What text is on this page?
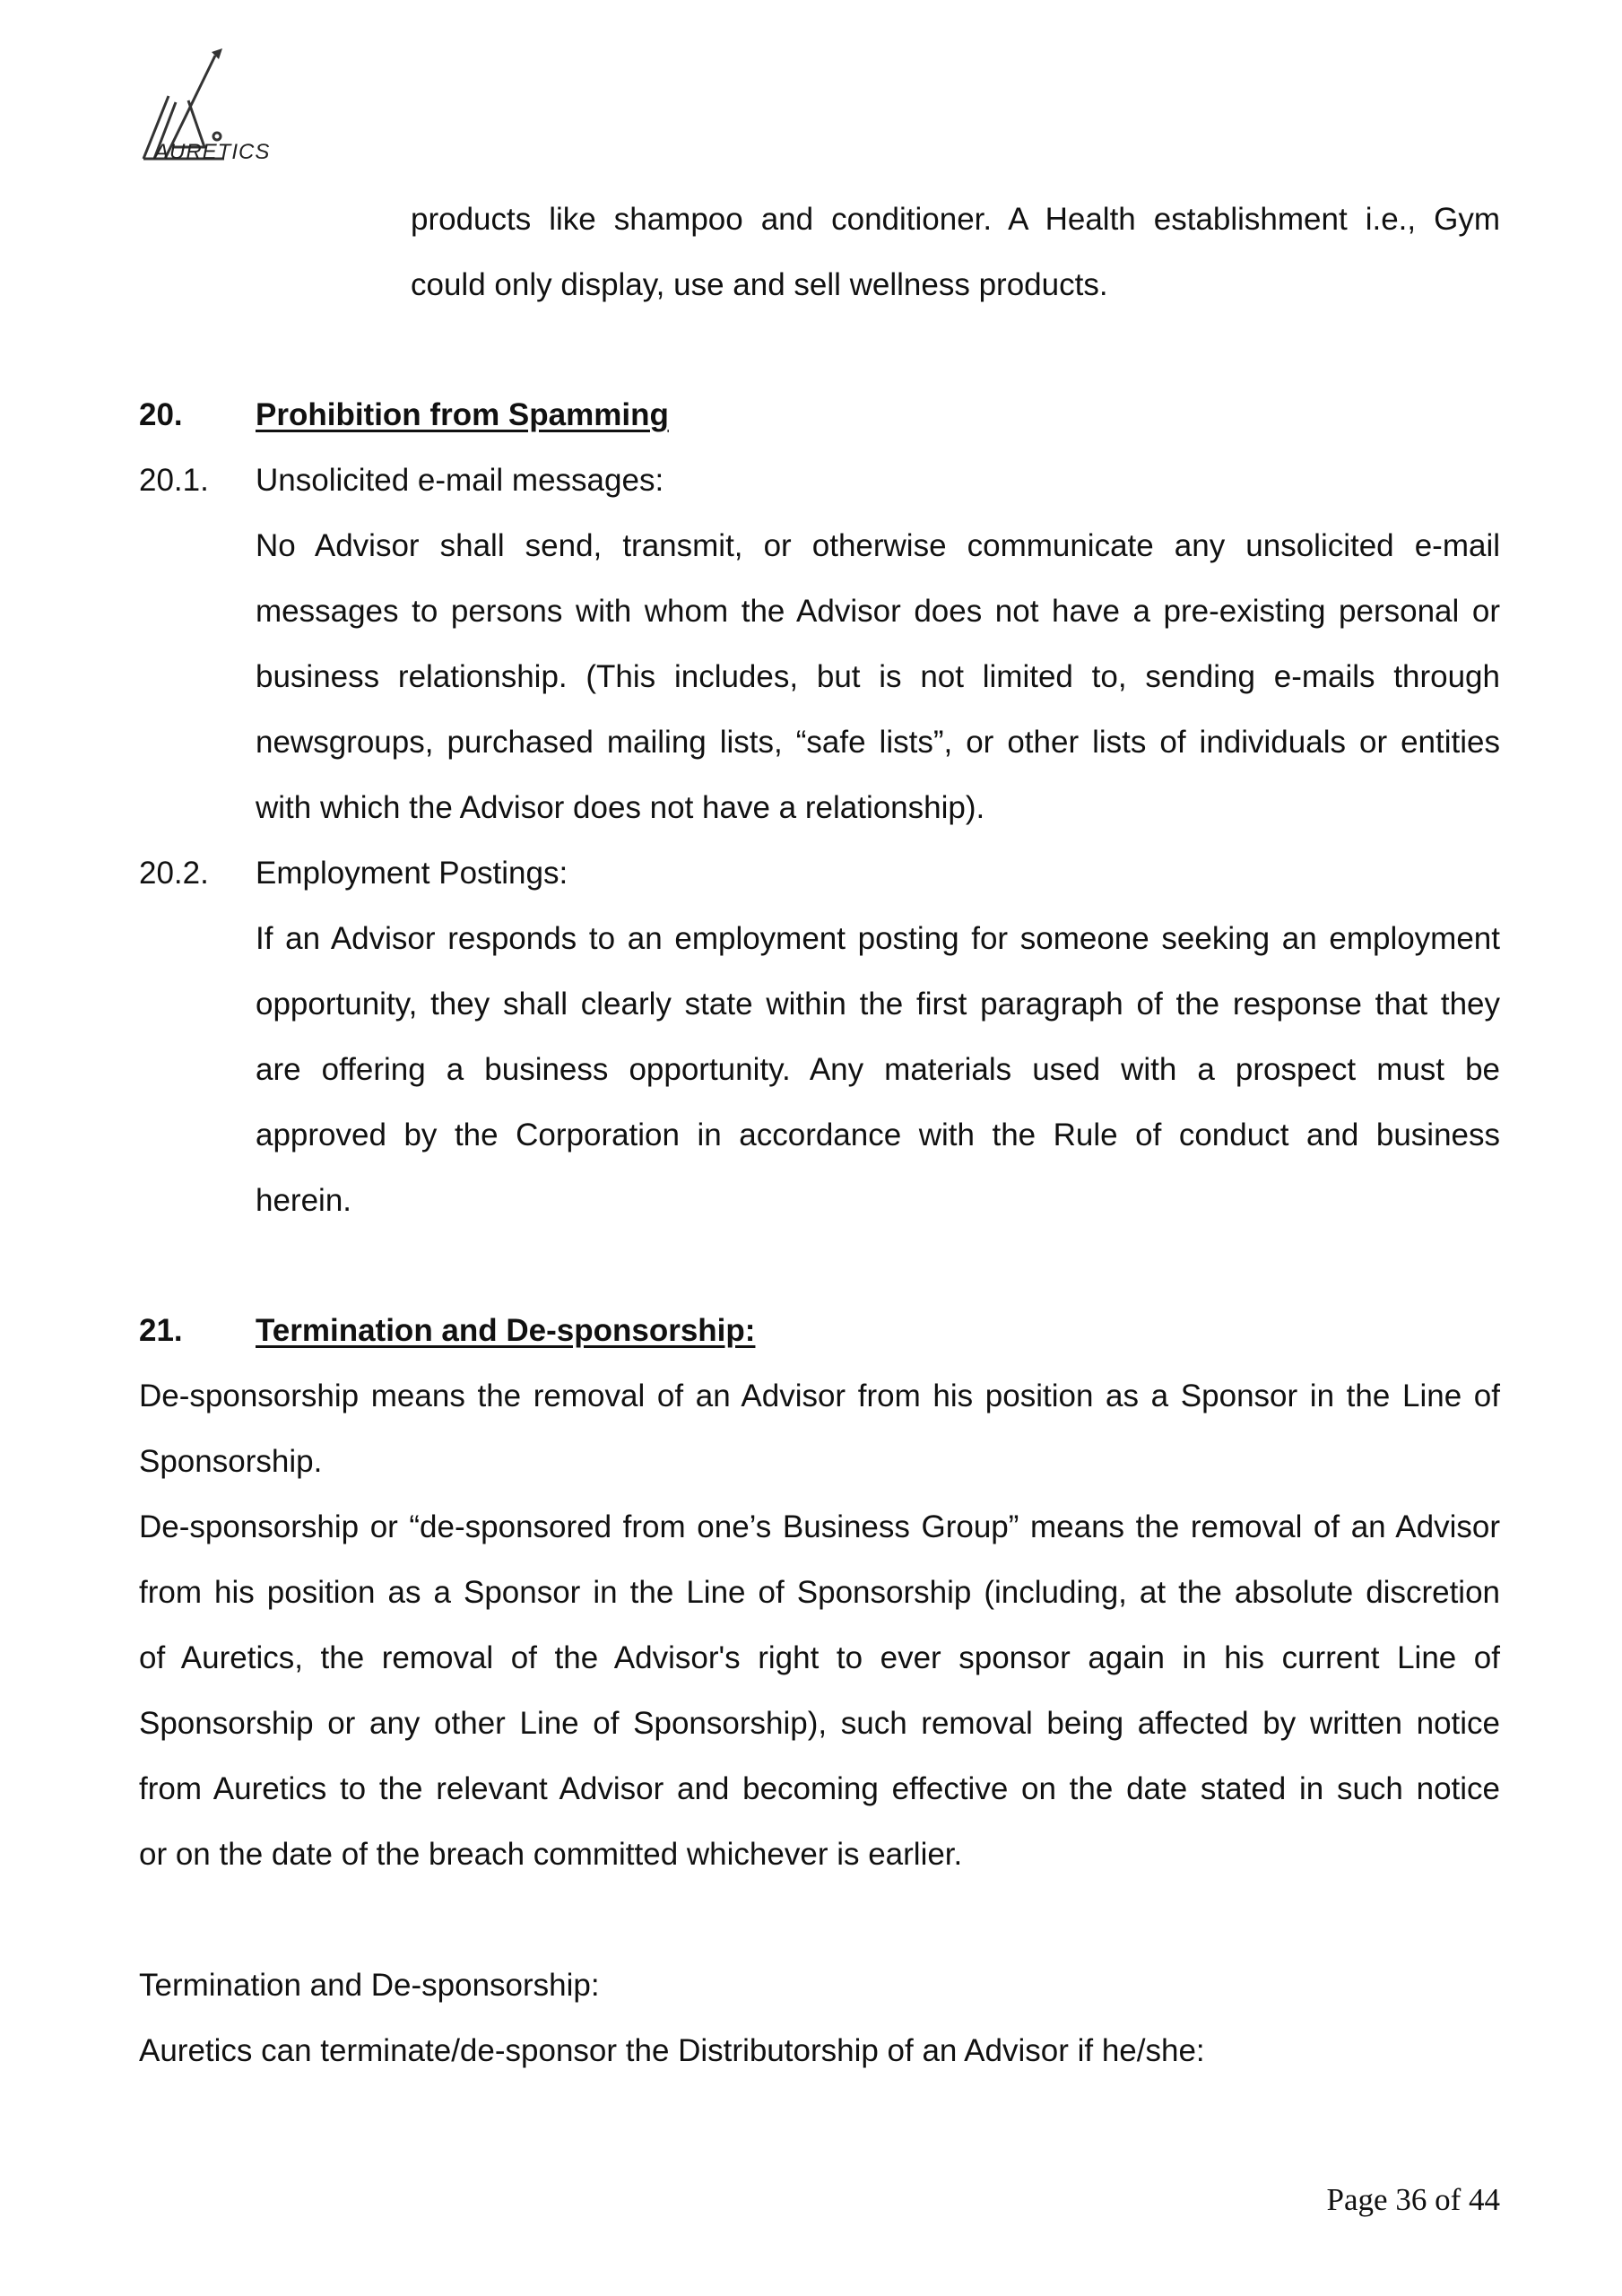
AURETICS
products like shampoo and conditioner. A Health establishment i.e., Gym
could only display, use and sell wellness products.
20. Prohibition from Spamming
20.1. Unsolicited e-mail messages:
No Advisor shall send, transmit, or otherwise communicate any unsolicited e-mail
messages to persons with whom the Advisor does not have a pre-existing personal or
business relationship. (This includes, but is not limited to, sending e-mails through
newsgroups, purchased mailing lists, “safe lists”, or other lists of individuals or entities
with which the Advisor does not have a relationship).
20.2. Employment Postings:
If an Advisor responds to an employment posting for someone seeking an employment
opportunity, they shall clearly state within the first paragraph of the response that they
are offering a business opportunity. Any materials used with a prospect must be
approved by the Corporation in accordance with the Rule of conduct and business
herein.
21. Termination and De-sponsorship:
De-sponsorship means the removal of an Advisor from his position as a Sponsor in the Line of
Sponsorship.
De-sponsorship or “de-sponsored from one’s Business Group” means the removal of an Advisor
from his position as a Sponsor in the Line of Sponsorship (including, at the absolute discretion
of Auretics, the removal of the Advisor's right to ever sponsor again in his current Line of
Sponsorship or any other Line of Sponsorship), such removal being affected by written notice
from Auretics to the relevant Advisor and becoming effective on the date stated in such notice
or on the date of the breach committed whichever is earlier.
Termination and De-sponsorship:
Auretics can terminate/de-sponsor the Distributorship of an Advisor if he/she:
Page 36 of 44
